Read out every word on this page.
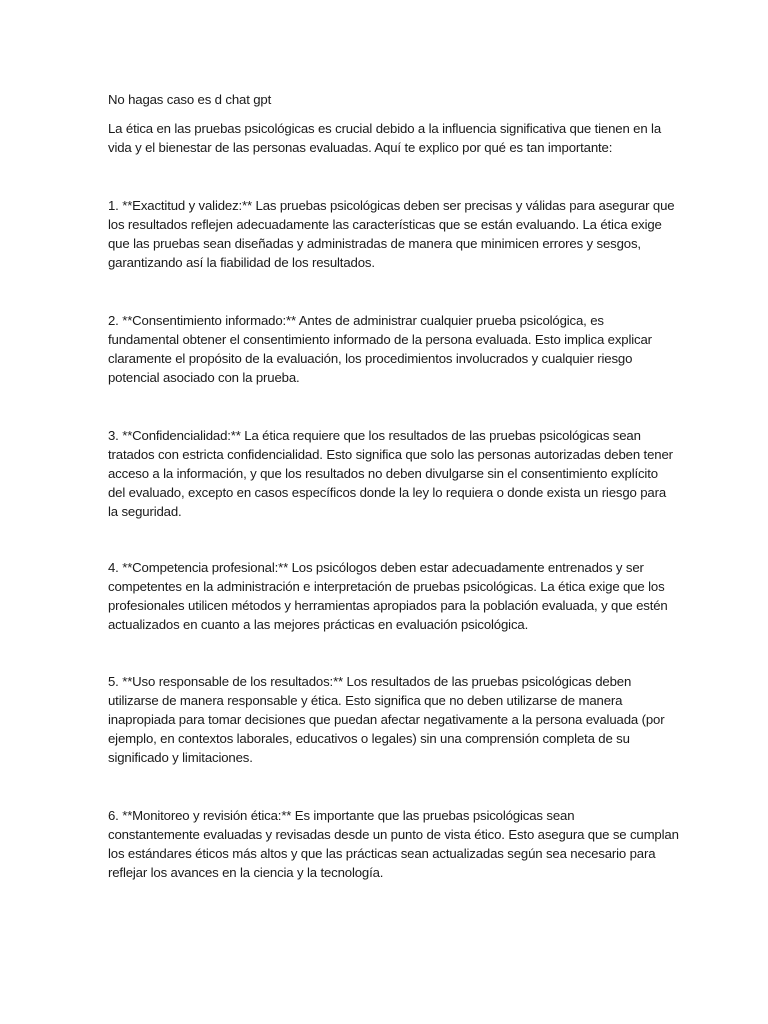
No hagas caso es d chat gpt
La ética en las pruebas psicológicas es crucial debido a la influencia significativa que tienen en la
vida y el bienestar de las personas evaluadas. Aquí te explico por qué es tan importante:
1. **Exactitud y validez:** Las pruebas psicológicas deben ser precisas y válidas para asegurar que
los resultados reflejen adecuadamente las características que se están evaluando. La ética exige
que las pruebas sean diseñadas y administradas de manera que minimicen errores y sesgos,
garantizando así la fiabilidad de los resultados.
2. **Consentimiento informado:** Antes de administrar cualquier prueba psicológica, es
fundamental obtener el consentimiento informado de la persona evaluada. Esto implica explicar
claramente el propósito de la evaluación, los procedimientos involucrados y cualquier riesgo
potencial asociado con la prueba.
3. **Confidencialidad:** La ética requiere que los resultados de las pruebas psicológicas sean
tratados con estricta confidencialidad. Esto significa que solo las personas autorizadas deben tener
acceso a la información, y que los resultados no deben divulgarse sin el consentimiento explícito
del evaluado, excepto en casos específicos donde la ley lo requiera o donde exista un riesgo para
la seguridad.
4. **Competencia profesional:** Los psicólogos deben estar adecuadamente entrenados y ser
competentes en la administración e interpretación de pruebas psicológicas. La ética exige que los
profesionales utilicen métodos y herramientas apropiados para la población evaluada, y que estén
actualizados en cuanto a las mejores prácticas en evaluación psicológica.
5. **Uso responsable de los resultados:** Los resultados de las pruebas psicológicas deben
utilizarse de manera responsable y ética. Esto significa que no deben utilizarse de manera
inapropiada para tomar decisiones que puedan afectar negativamente a la persona evaluada (por
ejemplo, en contextos laborales, educativos o legales) sin una comprensión completa de su
significado y limitaciones.
6. **Monitoreo y revisión ética:** Es importante que las pruebas psicológicas sean
constantemente evaluadas y revisadas desde un punto de vista ético. Esto asegura que se cumplan
los estándares éticos más altos y que las prácticas sean actualizadas según sea necesario para
reflejar los avances en la ciencia y la tecnología.
